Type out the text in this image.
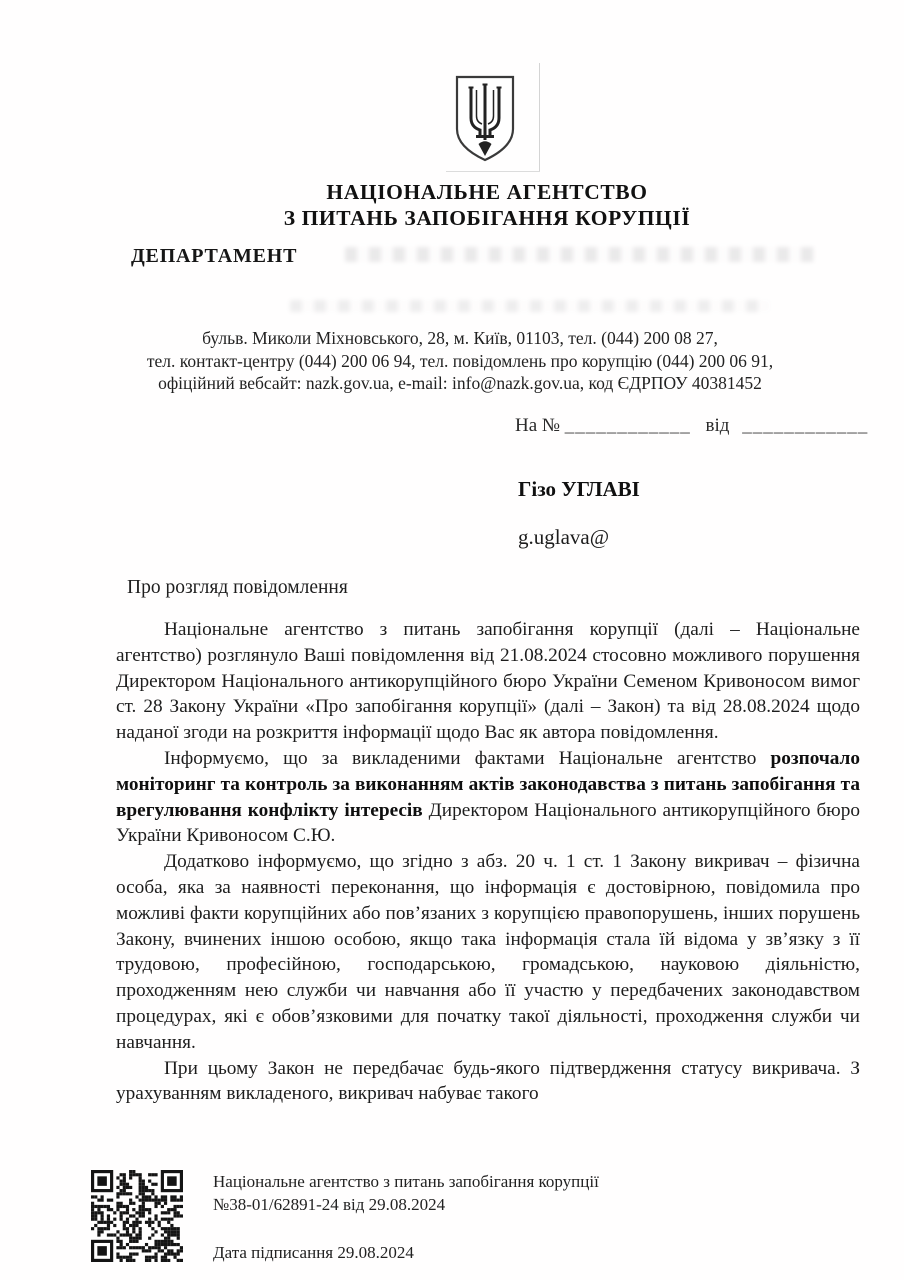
НАЦІОНАЛЬНЕ АГЕНТСТВО
З ПИТАНЬ ЗАПОБІГАННЯ КОРУПЦІЇ
ДЕПАРТАМЕНТ
бульв. Миколи Міхновського, 28, м. Київ, 01103, тел. (044) 200 08 27,
тел. контакт-центру (044) 200 06 94, тел. повідомлень про корупцію (044) 200 06 91,
офіційний вебсайт: nazk.gov.ua, e-mail: info@nazk.gov.ua, код ЄДРПОУ 40381452
На № ____________ від ____________
Гізо УГЛАВІ
g.uglava@
Про розгляд повідомлення

Національне агентство з питань запобігання корупції (далі – Національне агентство) розглянуло Ваші повідомлення від 21.08.2024 стосовно можливого порушення Директором Національного антикорупційного бюро України Семеном Кривоносом вимог ст. 28 Закону України «Про запобігання корупції» (далі – Закон) та від 28.08.2024 щодо наданої згоди на розкриття інформації щодо Вас як автора повідомлення.

Інформуємо, що за викладеними фактами Національне агентство розпочало моніторинг та контроль за виконанням актів законодавства з питань запобігання та врегулювання конфлікту інтересів Директором Національного антикорупційного бюро України Кривоносом С.Ю.

Додатково інформуємо, що згідно з абз. 20 ч. 1 ст. 1 Закону викривач – фізична особа, яка за наявності переконання, що інформація є достовірною, повідомила про можливі факти корупційних або пов’язаних з корупцією правопорушень, інших порушень Закону, вчинених іншою особою, якщо така інформація стала їй відома у зв’язку з її трудовою, професійною, господарською, громадською, науковою діяльністю, проходженням нею служби чи навчання або її участю у передбачених законодавством процедурах, які є обов’язковими для початку такої діяльності, проходження служби чи навчання.

При цьому Закон не передбачає будь-якого підтвердження статусу викривача. З урахуванням викладеного, викривач набуває такого

Національне агентство з питань запобігання корупції
№38-01/62891-24 від 29.08.2024
Дата підписання 29.08.2024
